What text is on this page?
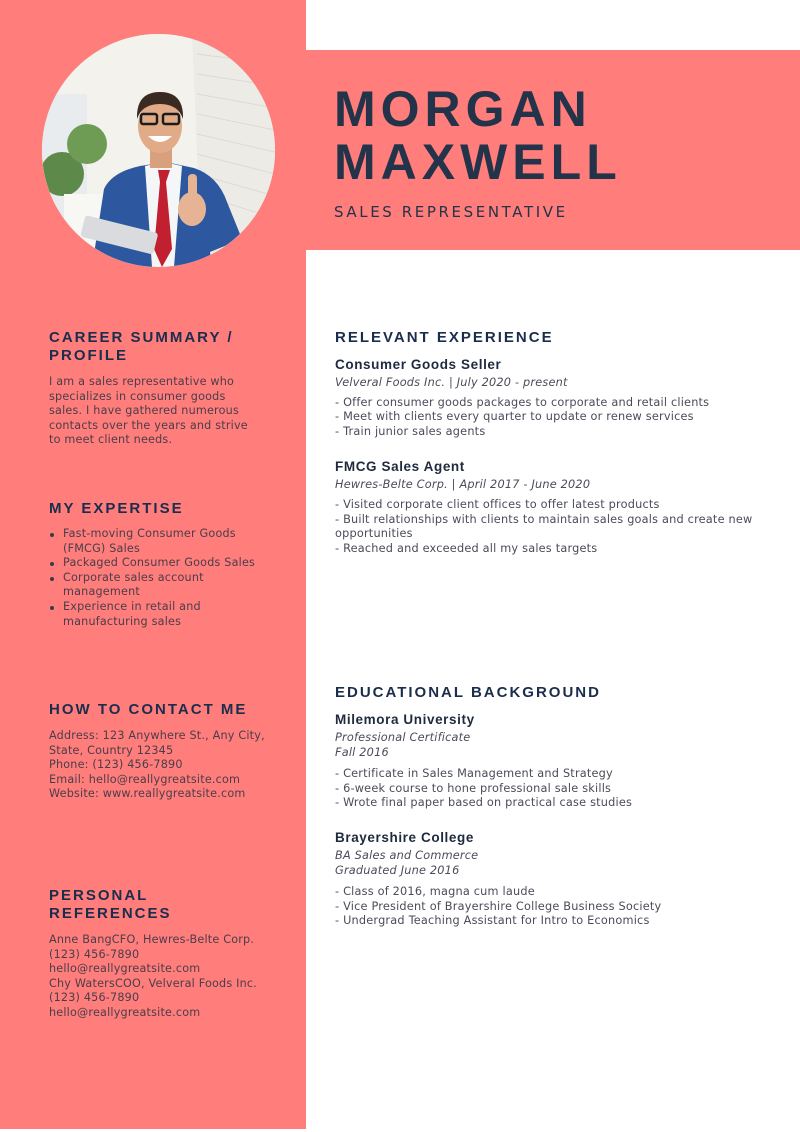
MORGAN
MAXWELL
SALES REPRESENTATIVE
CAREER SUMMARY /
PROFILE
I am a sales representative who
specializes in consumer goods
sales. I have gathered numerous
contacts over the years and strive
to meet client needs.
MY EXPERTISE
Fast-moving Consumer Goods
(FMCG) Sales
Packaged Consumer Goods Sales
Corporate sales account
management
Experience in retail and
manufacturing sales
HOW TO CONTACT ME
Address: 123 Anywhere St., Any City,
State, Country 12345
Phone: (123) 456-7890
Email: hello@reallygreatsite.com
Website: www.reallygreatsite.com
PERSONAL
REFERENCES
Anne BangCFO, Hewres-Belte Corp.
(123) 456-7890
hello@reallygreatsite.com
Chy WatersCOO, Velveral Foods Inc.
(123) 456-7890
hello@reallygreatsite.com
RELEVANT EXPERIENCE
Consumer Goods Seller
Velveral Foods Inc. | July 2020 - present
- Offer consumer goods packages to corporate and retail clients
- Meet with clients every quarter to update or renew services
- Train junior sales agents
FMCG Sales Agent
Hewres-Belte Corp. | April 2017 - June 2020
- Visited corporate client offices to offer latest products
- Built relationships with clients to maintain sales goals and create new
opportunities
- Reached and exceeded all my sales targets
EDUCATIONAL BACKGROUND
Milemora University
Professional Certificate
Fall 2016
- Certificate in Sales Management and Strategy
- 6-week course to hone professional sale skills
- Wrote final paper based on practical case studies
Brayershire College
BA Sales and Commerce
Graduated June 2016
- Class of 2016, magna cum laude
- Vice President of Brayershire College Business Society
- Undergrad Teaching Assistant for Intro to Economics
